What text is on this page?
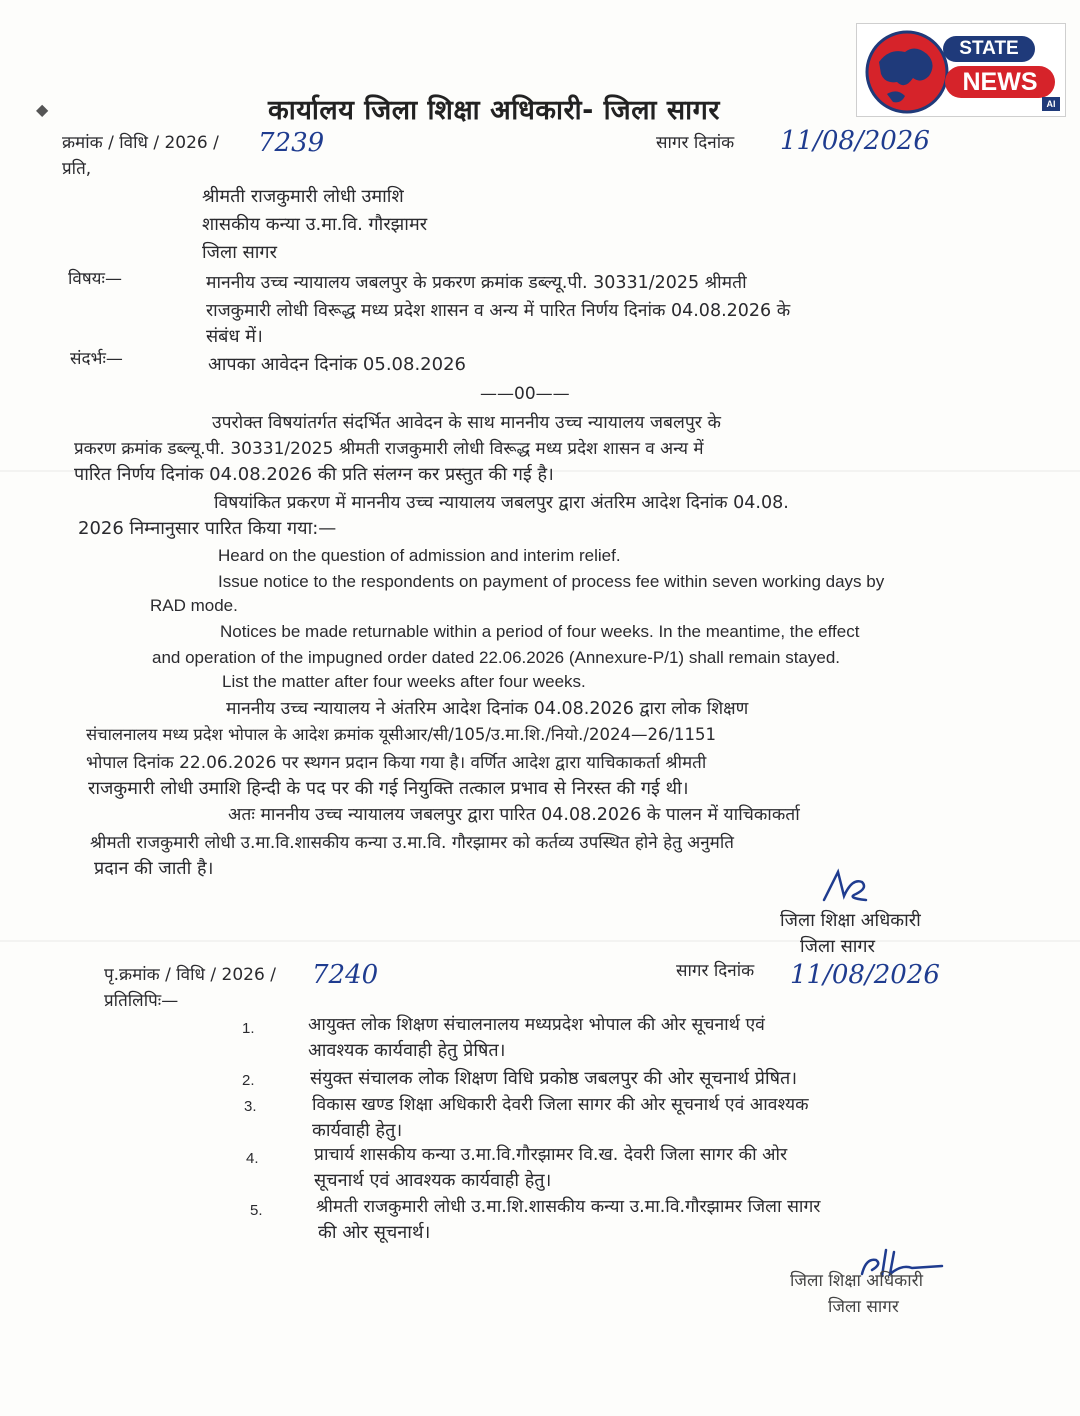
STATE
NEWS
AI
◆	कार्यालय जिला शिक्षा अधिकारी- जिला सागर
क्रमांक / विधि / 2026 / 7239	सागर दिनांक 11/08/2026
प्रति,
श्रीमती राजकुमारी लोधी उमाशि
शासकीय कन्या उ.मा.वि. गौरझामर
जिला सागर
विषयः—	माननीय उच्च न्यायालय जबलपुर के प्रकरण क्रमांक डब्ल्यू.पी. 30331/2025 श्रीमती
राजकुमारी लोधी विरूद्ध मध्य प्रदेश शासन व अन्य में पारित निर्णय दिनांक 04.08.2026 के
संबंध में।
संदर्भः—	आपका आवेदन दिनांक 05.08.2026
——00——
उपरोक्त विषयांतर्गत संदर्भित आवेदन के साथ माननीय उच्च न्यायालय जबलपुर के
प्रकरण क्रमांक डब्ल्यू.पी. 30331/2025 श्रीमती राजकुमारी लोधी विरूद्ध मध्य प्रदेश शासन व अन्य में
पारित निर्णय दिनांक 04.08.2026 की प्रति संलग्न कर प्रस्तुत की गई है।
विषयांकित प्रकरण में माननीय उच्च न्यायालय जबलपुर द्वारा अंतरिम आदेश दिनांक 04.08.
2026 निम्नानुसार पारित किया गया:—
Heard on the question of admission and interim relief.
Issue notice to the respondents on payment of process fee within seven working days by
RAD mode.
Notices be made returnable within a period of four weeks. In the meantime, the effect
and operation of the impugned order dated 22.06.2026 (Annexure-P/1) shall remain stayed.
List the matter after four weeks after four weeks.
माननीय उच्च न्यायालय ने अंतरिम आदेश दिनांक 04.08.2026 द्वारा लोक शिक्षण
संचालनालय मध्य प्रदेश भोपाल के आदेश क्रमांक यूसीआर/सी/105/उ.मा.शि./नियो./2024—26/1151
भोपाल दिनांक 22.06.2026 पर स्थगन प्रदान किया गया है। वर्णित आदेश द्वारा याचिकाकर्ता श्रीमती
राजकुमारी लोधी उमाशि हिन्दी के पद पर की गई नियुक्ति तत्काल प्रभाव से निरस्त की गई थी।
अतः माननीय उच्च न्यायालय जबलपुर द्वारा पारित 04.08.2026 के पालन में याचिकाकर्ता
श्रीमती राजकुमारी लोधी उ.मा.वि.शासकीय कन्या उ.मा.वि. गौरझामर को कर्तव्य उपस्थित होने हेतु अनुमति
प्रदान की जाती है।
जिला शिक्षा अधिकारी
जिला सागर
पृ.क्रमांक / विधि / 2026 / 7240	सागर दिनांक 11/08/2026
प्रतिलिपिः—
1.	आयुक्त लोक शिक्षण संचालनालय मध्यप्रदेश भोपाल की ओर सूचनार्थ एवं
आवश्यक कार्यवाही हेतु प्रेषित।
2.	संयुक्त संचालक लोक शिक्षण विधि प्रकोष्ठ जबलपुर की ओर सूचनार्थ प्रेषित।
3.	विकास खण्ड शिक्षा अधिकारी देवरी जिला सागर की ओर सूचनार्थ एवं आवश्यक
कार्यवाही हेतु।
4.	प्राचार्य शासकीय कन्या उ.मा.वि.गौरझामर वि.ख. देवरी जिला सागर की ओर
सूचनार्थ एवं आवश्यक कार्यवाही हेतु।
5.	श्रीमती राजकुमारी लोधी उ.मा.शि.शासकीय कन्या उ.मा.वि.गौरझामर जिला सागर
की ओर सूचनार्थ।
जिला शिक्षा अधिकारी
जिला सागर
